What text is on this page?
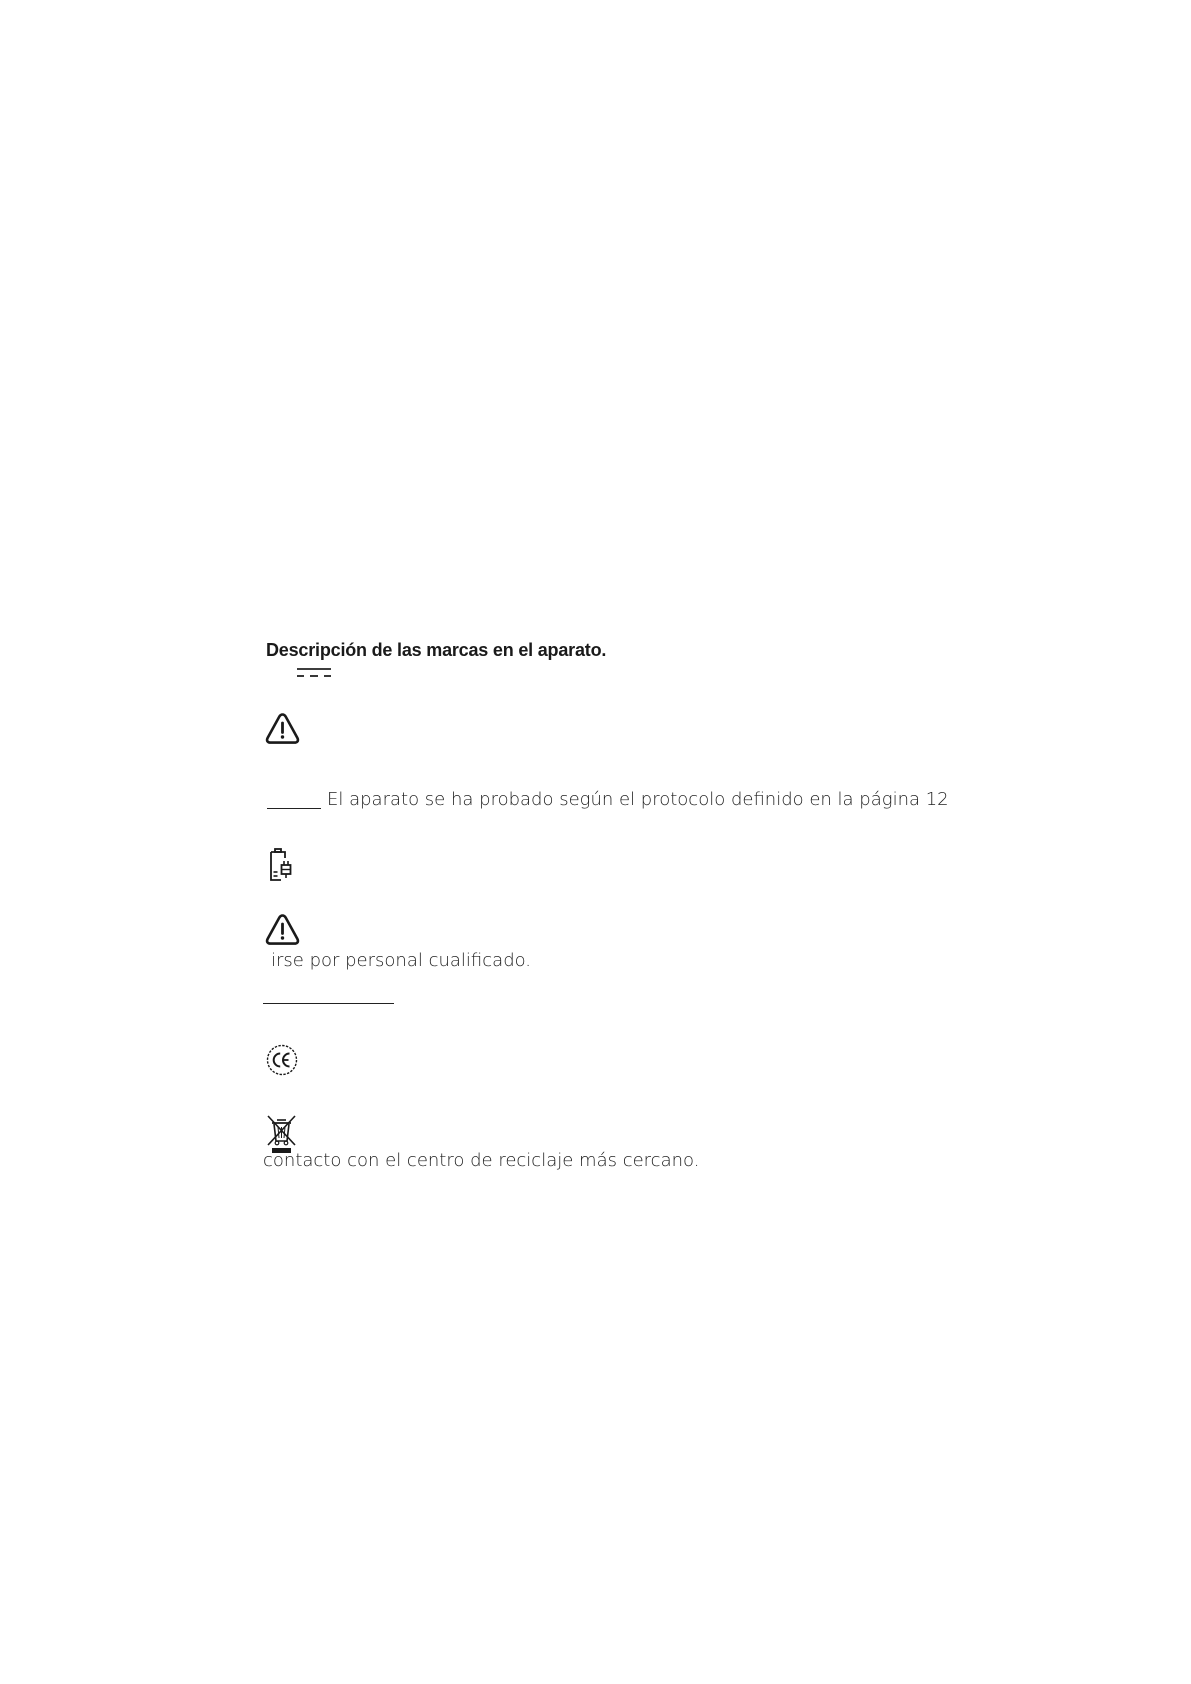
Descripción de las marcas en el aparato.
El aparato se ha probado según el protocolo definido en la página 12
irse por personal cualificado.
contacto con el centro de reciclaje más cercano.
